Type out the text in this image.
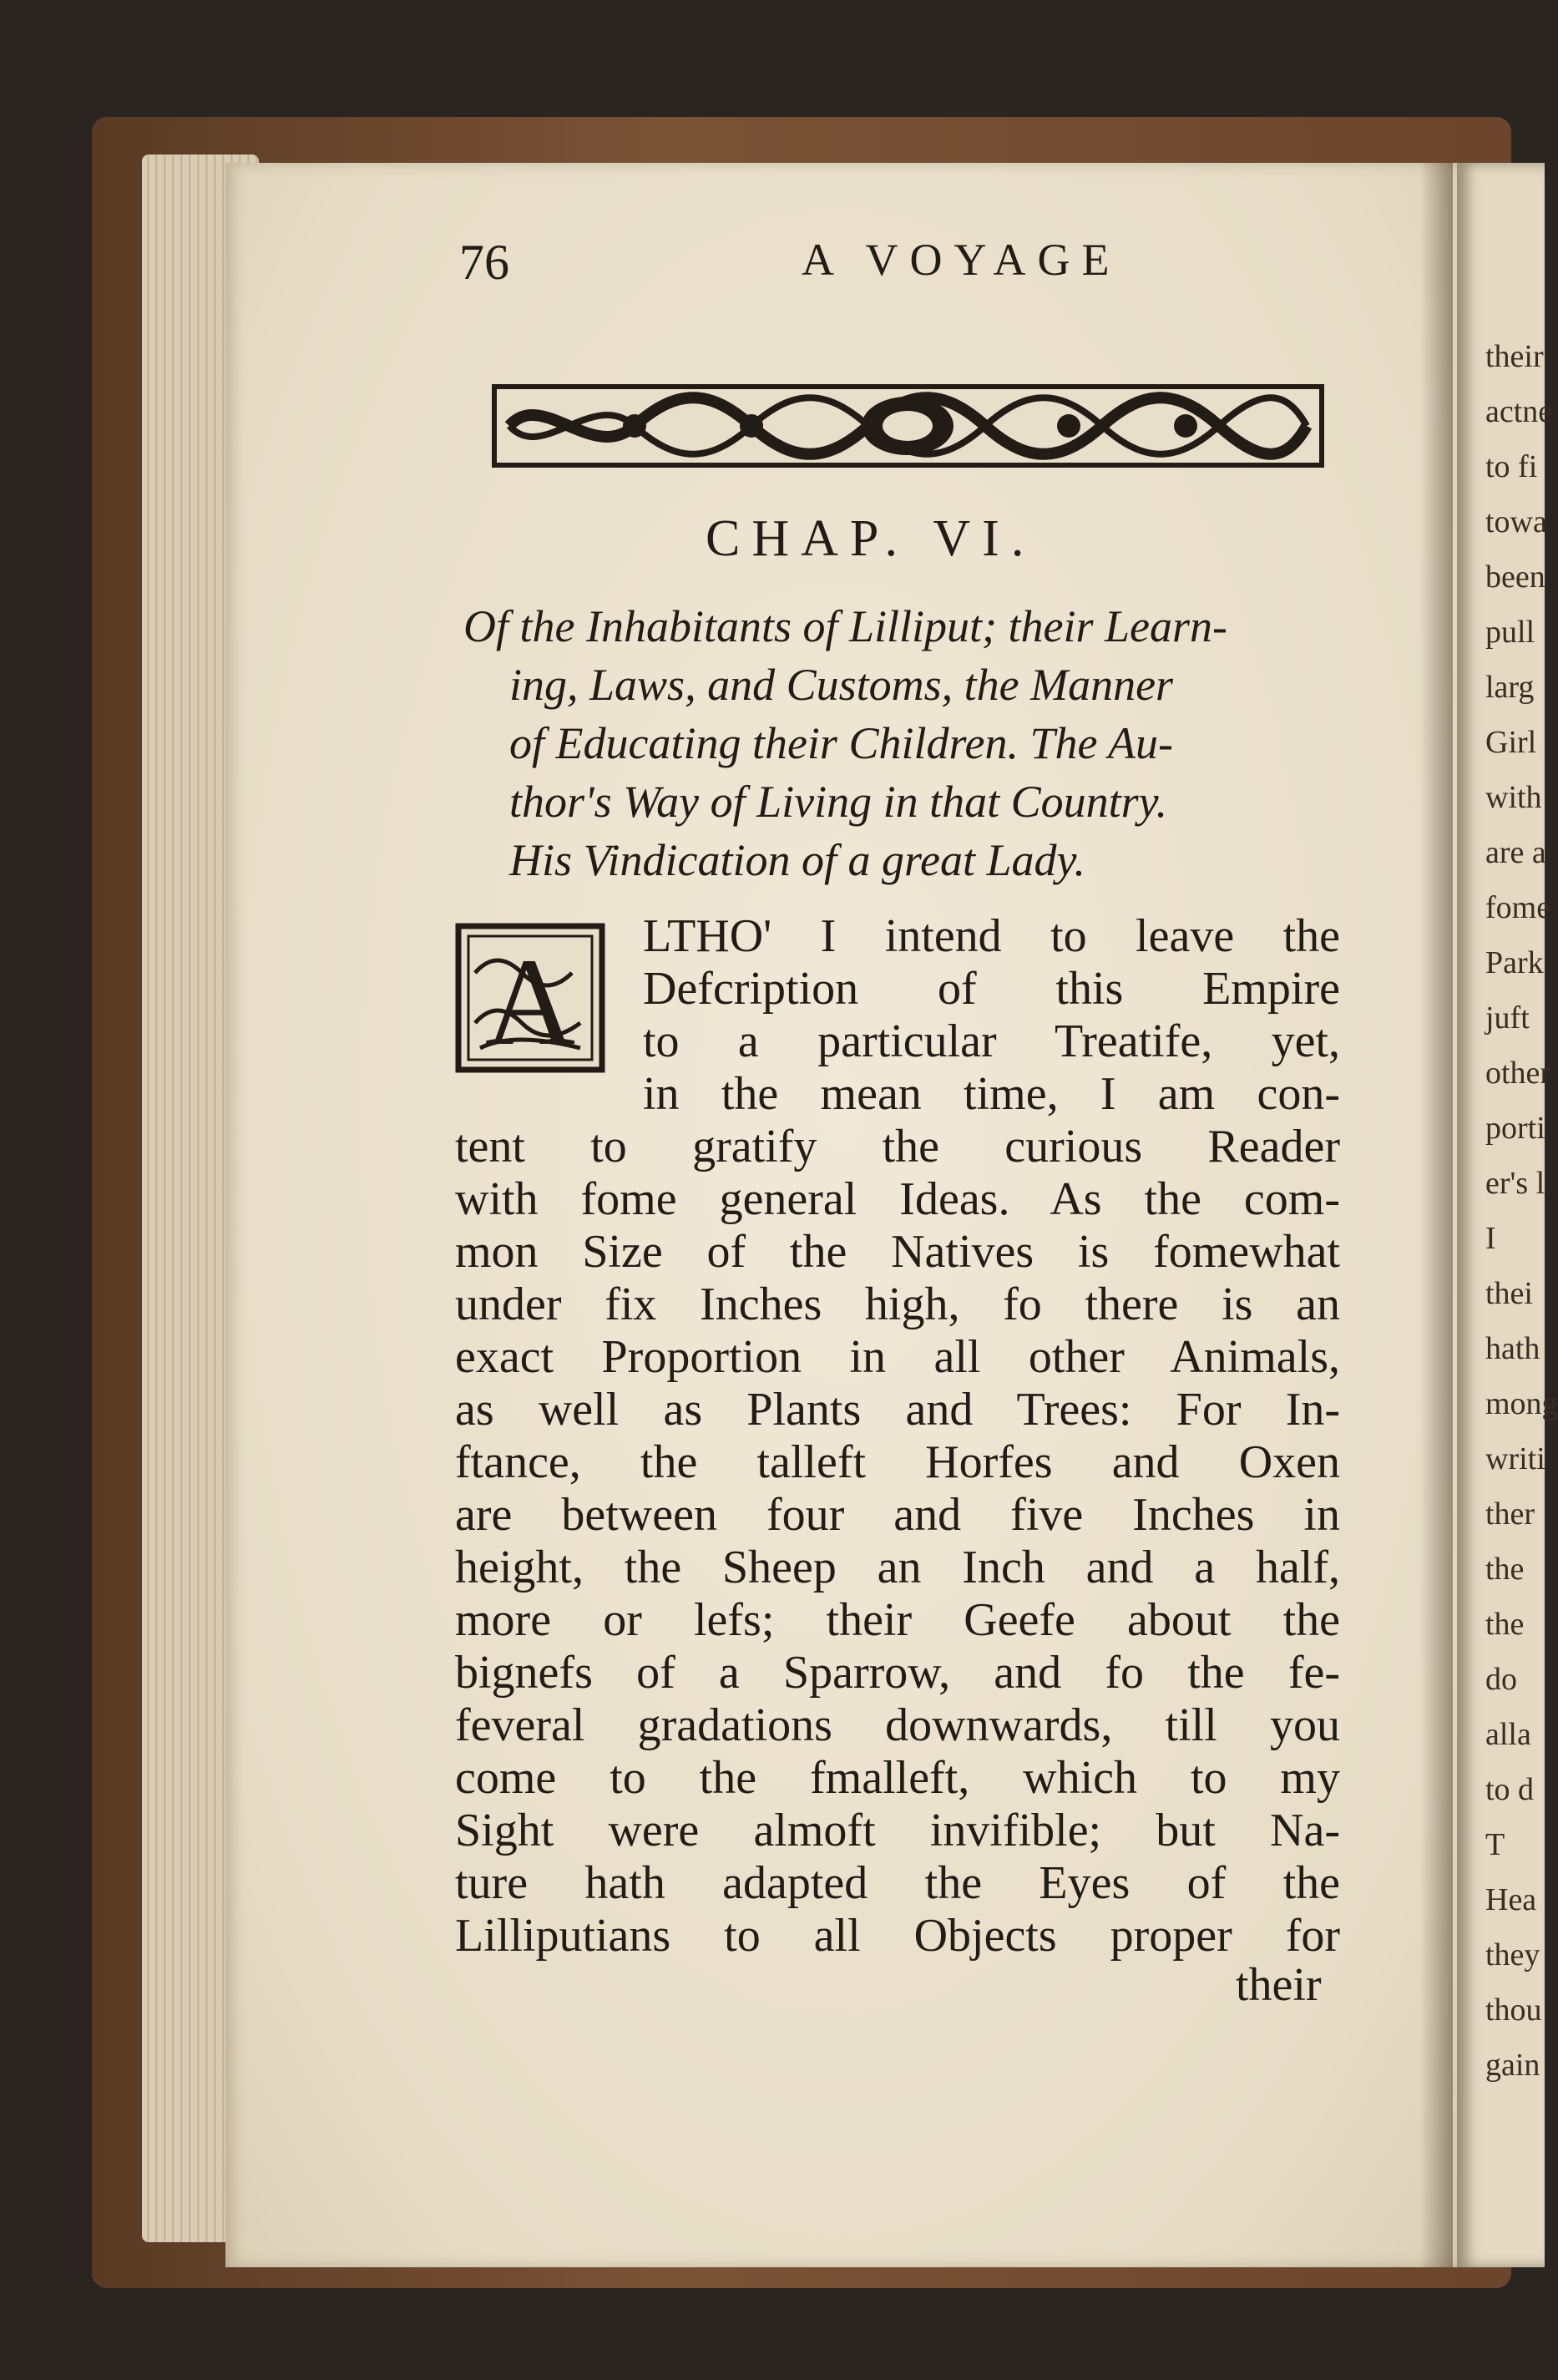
their
actne
to fi
towa
been
pull
larg
Girl
with
are a
fome
Park
juft
other
porti
er's l
I
thei
hath
mong
writi
ther
the
the
do
alla
to d
T
Hea
they
thou
gain
76	A VOYAGE
CHAP. VI.
Of the Inhabitants of Lilliput; their Learn-
ing, Laws, and Customs, the Manner
of Educating their Children. The Au-
thor's Way of Living in that Country.
His Vindication of a great Lady.
A LTHO' I intend to leave the
Defcription of this Empire
to a particular Treatife, yet,
in the mean time, I am con-
tent to gratify the curious Reader
with fome general Ideas. As the com-
mon Size of the Natives is fomewhat
under fix Inches high, fo there is an
exact Proportion in all other Animals,
as well as Plants and Trees: For In-
ftance, the talleft Horfes and Oxen
are between four and five Inches in
height, the Sheep an Inch and a half,
more or lefs; their Geefe about the
bignefs of a Sparrow, and fo the fe-
feveral gradations downwards, till you
come to the fmalleft, which to my
Sight were almoft invifible; but Na-
ture hath adapted the Eyes of the
Lilliputians to all Objects proper for
their
